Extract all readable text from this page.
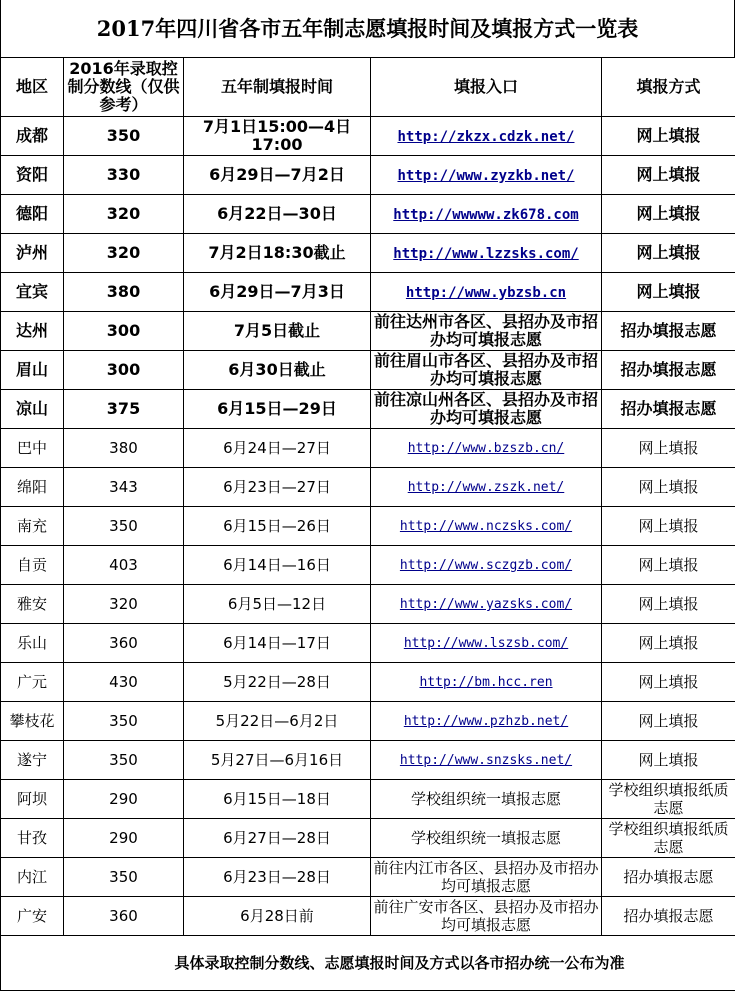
2017年四川省各市五年制志愿填报时间及填报方式一览表
地区	2016年录取控制分数线（仅供参考）	五年制填报时间	填报入口	填报方式
成都	350	7月1日15:00—4日17:00	http://zkzx.cdzk.net/	网上填报
资阳	330	6月29日—7月2日	http://www.zyzkb.net/	网上填报
德阳	320	6月22日—30日	http://wwwww.zk678.com	网上填报
泸州	320	7月2日18:30截止	http://www.lzzsks.com/	网上填报
宜宾	380	6月29日—7月3日	http://www.ybzsb.cn	网上填报
达州	300	7月5日截止	前往达州市各区、县招办及市招办均可填报志愿	招办填报志愿
眉山	300	6月30日截止	前往眉山市各区、县招办及市招办均可填报志愿	招办填报志愿
凉山	375	6月15日—29日	前往凉山州各区、县招办及市招办均可填报志愿	招办填报志愿
巴中	380	6月24日—27日	http://www.bzszb.cn/	网上填报
绵阳	343	6月23日—27日	http://www.zszk.net/	网上填报
南充	350	6月15日—26日	http://www.nczsks.com/	网上填报
自贡	403	6月14日—16日	http://www.sczgzb.com/	网上填报
雅安	320	6月5日—12日	http://www.yazsks.com/	网上填报
乐山	360	6月14日—17日	http://www.lszsb.com/	网上填报
广元	430	5月22日—28日	http://bm.hcc.ren	网上填报
攀枝花	350	5月22日—6月2日	http://www.pzhzb.net/	网上填报
遂宁	350	5月27日—6月16日	http://www.snzsks.net/	网上填报
阿坝	290	6月15日—18日	学校组织统一填报志愿	学校组织填报纸质志愿
甘孜	290	6月27日—28日	学校组织统一填报志愿	学校组织填报纸质志愿
内江	350	6月23日—28日	前往内江市各区、县招办及市招办均可填报志愿	招办填报志愿
广安	360	6月28日前	前往广安市各区、县招办及市招办均可填报志愿	招办填报志愿
	具体录取控制分数线、志愿填报时间及方式以各市招办统一公布为准			
